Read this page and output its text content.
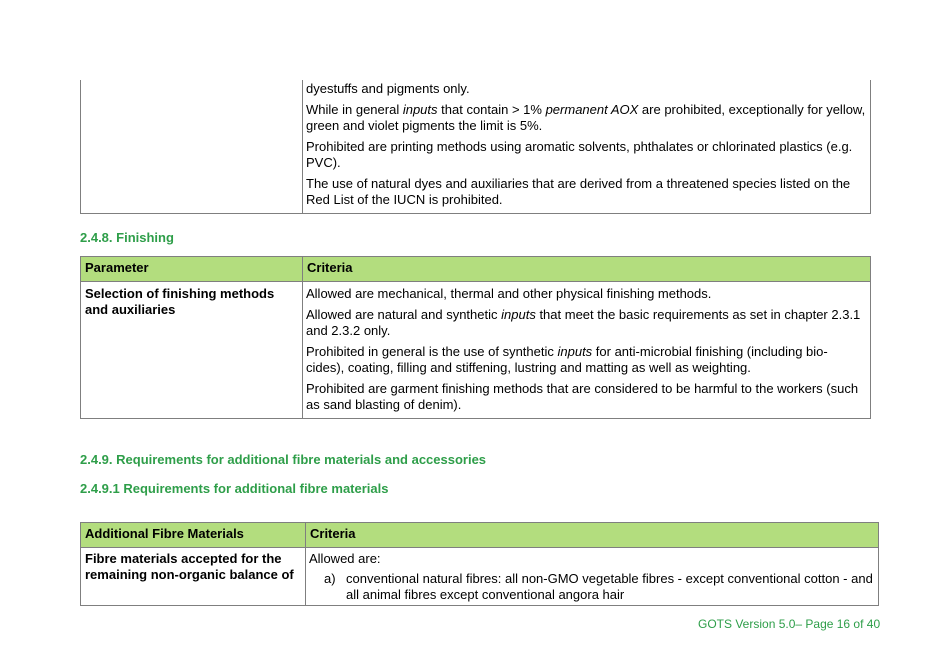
dyestuffs and pigments only.

While in general inputs that contain > 1% permanent AOX are prohibited, exceptionally for yellow, green and violet pigments the limit is 5%.

Prohibited are printing methods using aromatic solvents, phthalates or chlorinated plastics (e.g. PVC).

The use of natural dyes and auxiliaries that are derived from a threatened species listed on the Red List of the IUCN is prohibited.

2.4.8. Finishing
Parameter	Criteria
Selection of finishing methods and auxiliaries	Allowed are mechanical, thermal and other physical finishing methods.

Allowed are natural and synthetic inputs that meet the basic requirements as set in chapter 2.3.1 and 2.3.2 only.

Prohibited in general is the use of synthetic inputs for anti-microbial finishing (including bio-cides), coating, filling and stiffening, lustring and matting as well as weighting.

Prohibited are garment finishing methods that are considered to be harmful to the workers (such as sand blasting of denim).

2.4.9. Requirements for additional fibre materials and accessories
2.4.9.1 Requirements for additional fibre materials
Additional Fibre Materials	Criteria
Fibre materials accepted for the remaining non-organic balance of	Allowed are:
a) conventional natural fibres: all non-GMO vegetable fibres - except conventional cotton - and all animal fibres except conventional angora hair
GOTS Version 5.0– Page 16 of 40
